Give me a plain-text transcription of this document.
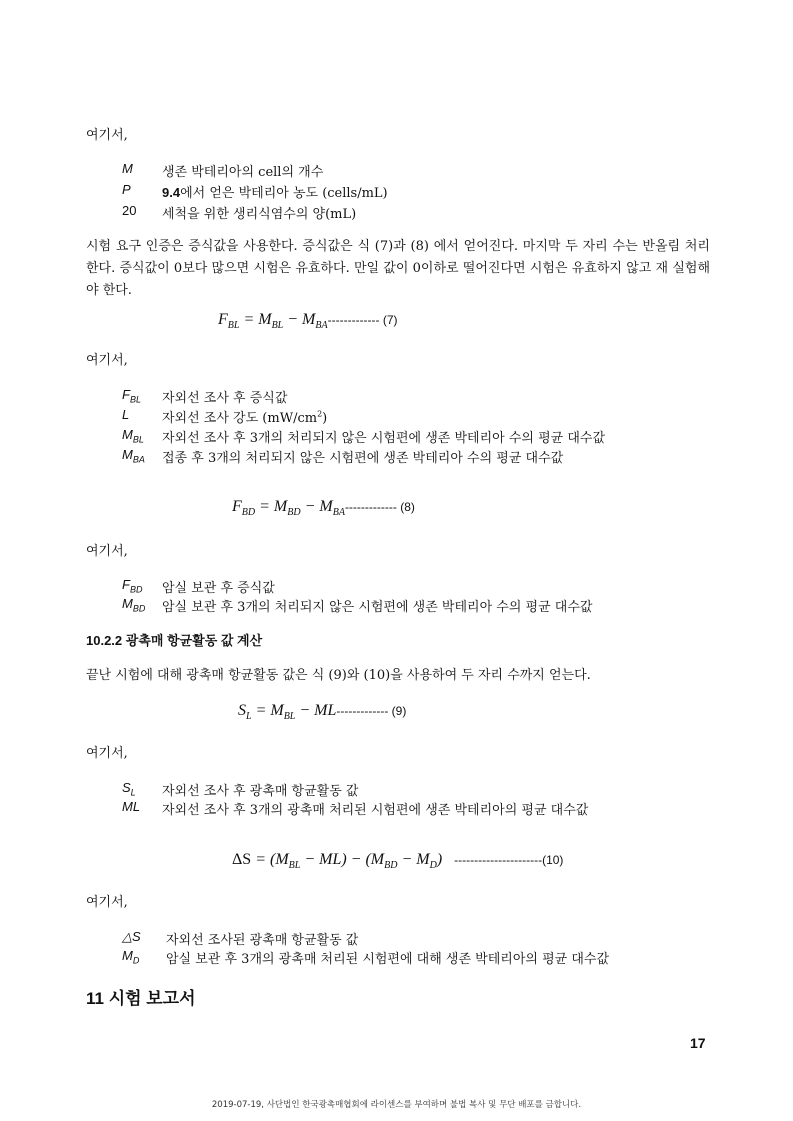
여기서,
M 생존 박테리아의 cell의 개수
P 9.4에서 얻은 박테리아 농도 (cells/mL)
20 세척을 위한 생리식염수의 양(mL)
시험 요구 인증은 증식값을 사용한다. 증식값은 식 (7)과 (8) 에서 얻어진다. 마지막 두 자리 수는 반올림 처리한다. 증식값이 0보다 많으면 시험은 유효하다. 만일 값이 0이하로 떨어진다면 시험은 유효하지 않고 재 실험해야 한다.
$F_{BL} = M_{BL} - M_{BA}-------------$ (7)
여기서,
$F_{BL}$ 자외선 조사 후 증식값
L	자외선 조사 강도 $(mW/cm^2)$
$M_{BL}$ 자외선 조사 후 3개의 처리되지 않은 시험편에 생존 박테리아 수의 평균 대수값
$M_{BA}$ 접종 후 3개의 처리되지 않은 시험편에 생존 박테리아 수의 평균 대수값
$F_{BD} = M_{BD} - M_{BA}-------------$ (8)
여기서,
$F_{BD}$ 암실 보관 후 증식값
$M_{BD}$ 암실 보관 후 3개의 처리되지 않은 시험편에 생존 박테리아 수의 평균 대수값
10.2.2 광촉매 항균활동 값 계산
끝난 시험에 대해 광촉매 항균활동 값은 식 (9)와 (10)을 사용하여 두 자리 수까지 얻는다.
$S_L = M_{BL} - ML-------------$ (9)
여기서,
$S_L$ 자외선 조사 후 광촉매 항균활동 값
ML 자외선 조사 후 3개의 광촉매 처리된 시험편에 생존 박테리아의 평균 대수값
$\Delta S = (M_{BL} - ML) - (M_{BD} - M_D)$   ----------------------(10)
여기서,
△S 자외선 조사된 광촉매 항균활동 값
$M_D$ 암실 보관 후 3개의 광촉매 처리된 시험편에 대해 생존 박테리아의 평균 대수값
11 시험 보고서
17
2019-07-19, 사단법인 한국광촉매협회에 라이센스를 부여하며 불법 복사 및 무단 배포를 금합니다.
